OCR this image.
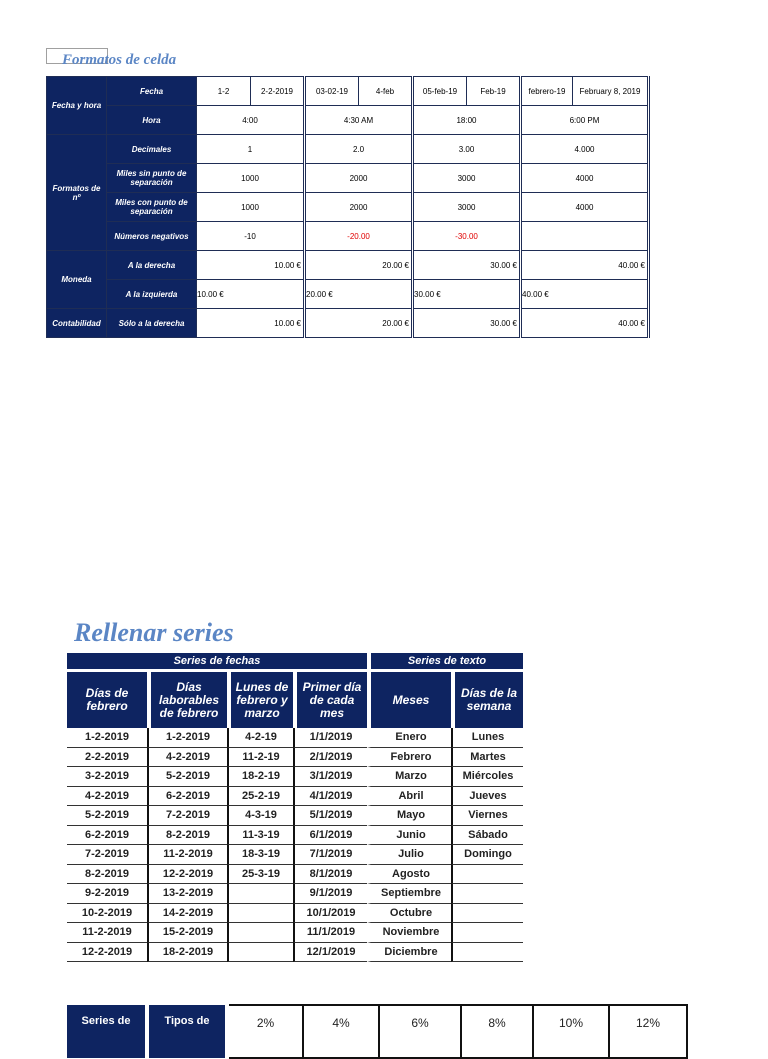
Formatos de celda
Fecha y hora	Fecha	1-2	2-2-2019	03-02-19	4-feb	05-feb-19	Feb-19	febrero-19	February 8, 2019
	Hora	4:00		4:30 AM		18:00		6:00 PM	
Formatos de nº	Decimales	1		2.0		3.00		4.000	
	Miles sin punto de separación	1000		2000		3000		4000	
	Miles con punto de separación	1000		2000		3000		4000	
	Números negativos	-10		-20.00		-30.00			
Moneda	A la derecha	10.00 €		20.00 €		30.00 €		40.00 €	
	A la izquierda	10.00 €		20.00 €		30.00 €		40.00 €	
Contabilidad	Sólo a la derecha	10.00 €		20.00 €		30.00 €		40.00 €	
Rellenar series
Series de fechas				Series de texto	
Días de febrero	Días laborables de febrero	Lunes de febrero y marzo	Primer día de cada mes	Meses	Días de la semana
1-2-2019	1-2-2019	4-2-19	1/1/2019	Enero	Lunes
2-2-2019	4-2-2019	11-2-19	2/1/2019	Febrero	Martes
3-2-2019	5-2-2019	18-2-19	3/1/2019	Marzo	Miércoles
4-2-2019	6-2-2019	25-2-19	4/1/2019	Abril	Jueves
5-2-2019	7-2-2019	4-3-19	5/1/2019	Mayo	Viernes
6-2-2019	8-2-2019	11-3-19	6/1/2019	Junio	Sábado
7-2-2019	11-2-2019	18-3-19	7/1/2019	Julio	Domingo
8-2-2019	12-2-2019	25-3-19	8/1/2019	Agosto	
9-2-2019	13-2-2019		9/1/2019	Septiembre	
10-2-2019	14-2-2019		10/1/2019	Octubre	
11-2-2019	15-2-2019		11/1/2019	Noviembre	
12-2-2019	18-2-2019		12/1/2019	Diciembre	
Series de	Tipos de	2%	4%	6%	8%	10%	12%
